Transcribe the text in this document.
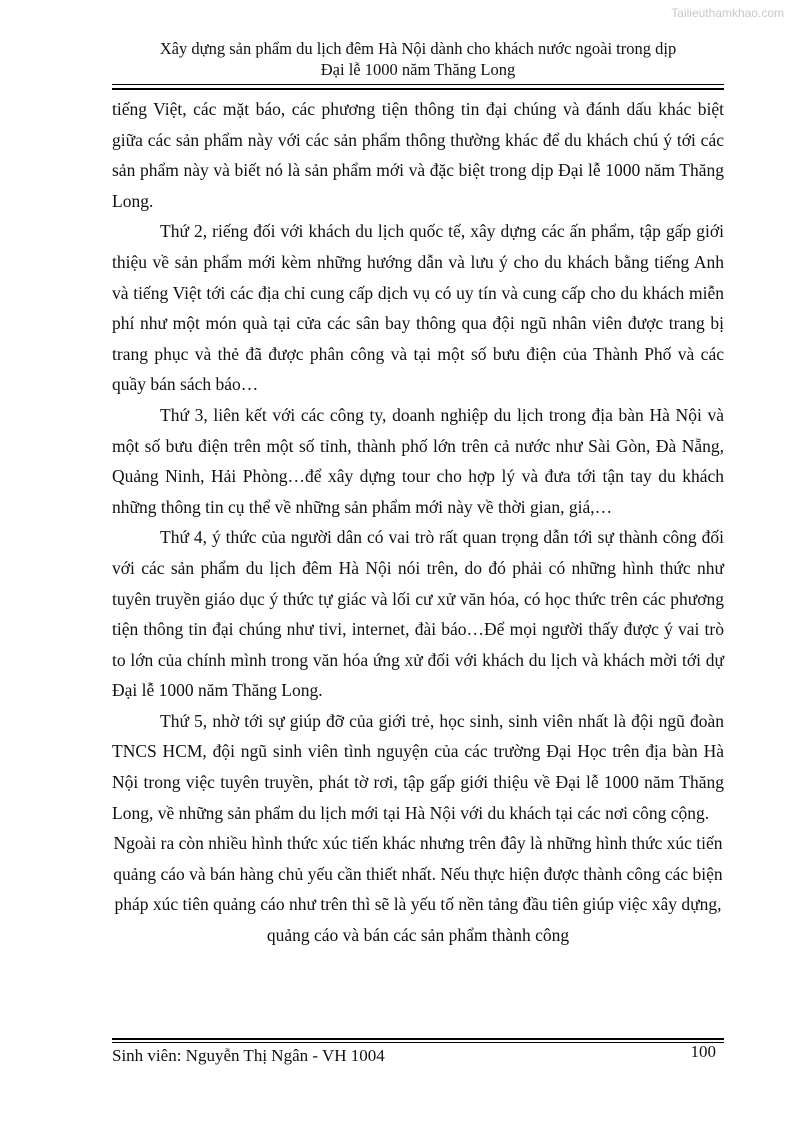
Tailieuthamkhao.com
Xây dựng sản phẩm du lịch đêm Hà Nội dành cho khách nước ngoài trong dịp
Đại lễ 1000 năm Thăng Long

tiếng Việt, các mặt báo, các phương tiện thông tin đại chúng và đánh dấu khác biệt giữa các sản phẩm này với các sản phẩm thông thường khác để du khách chú ý tới các sản phẩm này và biết nó là sản phẩm mới và đặc biệt trong dịp Đại lễ 1000 năm Thăng Long.

Thứ 2, riếng đối với khách du lịch quốc tế, xây dựng các ấn phẩm, tập gấp giới thiệu về sản phẩm mới kèm những hướng dẫn và lưu ý cho du khách bằng tiếng Anh và tiếng Việt tới các địa chỉ cung cấp dịch vụ có uy tín và cung cấp cho du khách miễn phí như một món quà tại cửa các sân bay thông qua đội ngũ nhân viên được trang bị trang phục và thẻ đã được phân công và tại một số bưu điện của Thành Phố và các quầy bán sách báo…

Thứ 3, liên kết với các công ty, doanh nghiệp du lịch trong địa bàn Hà Nội và một số bưu điện trên một số tỉnh, thành phố lớn trên cả nước như Sài Gòn, Đà Nẵng, Quảng Ninh, Hải Phòng…để xây dựng tour cho hợp lý và đưa tới tận tay du khách những thông tin cụ thể về những sản phẩm mới này về thời gian, giá,…

Thứ 4, ý thức của người dân có vai trò rất quan trọng dẫn tới sự thành công đối với các sản phẩm du lịch đêm Hà Nội nói trên, do đó phải có những hình thức như tuyên truyền giáo dục ý thức tự giác và lối cư xử văn hóa, có học thức trên các phương tiện thông tin đại chúng như tivi, internet, đài báo…Để mọi người thấy được ý vai trò to lớn của chính mình trong văn hóa ứng xử đối với khách du lịch và khách mời tới dự Đại lễ 1000 năm Thăng Long.

Thứ 5, nhờ tới sự giúp đỡ của giới trẻ, học sinh, sinh viên nhất là đội ngũ đoàn TNCS HCM, đội ngũ sinh viên tình nguyện của các trường Đại Học trên địa bàn Hà Nội trong việc tuyên truyền, phát tờ rơi, tập gấp giới thiệu về Đại lễ 1000 năm Thăng Long, về những sản phẩm du lịch mới tại Hà Nội với du khách tại các nơi công cộng.

Ngoài ra còn nhiều hình thức xúc tiến khác nhưng trên đây là những hình thức xúc tiến quảng cáo và bán hàng chủ yếu cần thiết nhất. Nếu thực hiện được thành công các biện pháp xúc tiên quảng cáo như trên thì sẽ là yếu tố nền tảng đầu tiên giúp việc xây dựng, quảng cáo và bán các sản phẩm thành công

Sinh viên: Nguyễn Thị Ngân - VH 1004	100
